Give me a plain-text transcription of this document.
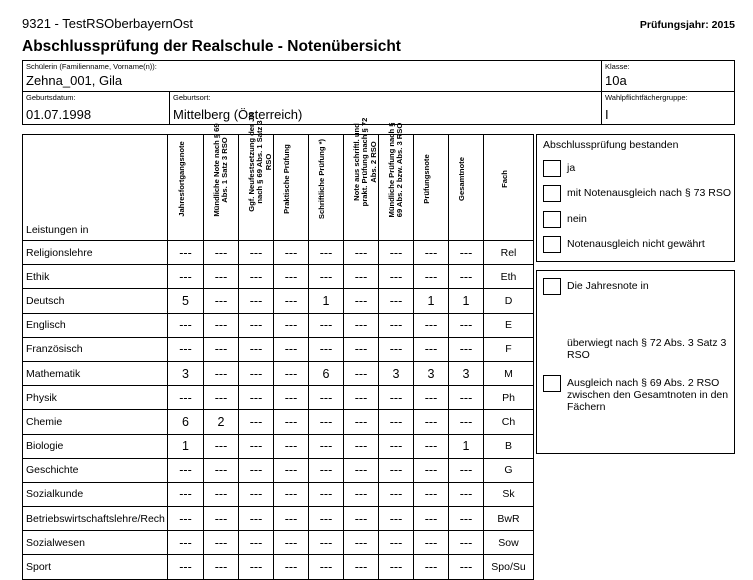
9321 - TestRSOberbayernOst	Prüfungsjahr: 2015
Abschlussprüfung der Realschule - Notenübersicht
Schülerin (Familienname, Vorname(n)):
Zehna_001, Gila
Klasse:
10a
Geburtsdatum:
01.07.1998
Geburtsort:
Mittelberg (Österreich)
Wahlpflichtfächergruppe:
I
Leistungen in	Jahresfortgangsnote	Mündliche Note nach § 69 Abs. 1 Satz 3 RSO	Ggf. Neufestsetzung der JN nach § 69 Abs. 1 Satz 3 RSO	Praktische Prüfung	Schriftliche Prüfung *)	Note aus schriftl. und prakt. Prüfung nach § 72 Abs. 2 RSO	Mündliche Prüfung nach § 69 Abs. 2 bzw. Abs. 3 RSO	Prüfungsnote	Gesamtnote	Fach

Religionslehre	---	---	---	---	---	---	---	---	---	Rel
Ethik	---	---	---	---	---	---	---	---	---	Eth
Deutsch	5	---	---	---	1	---	---	1	1	D
Englisch	---	---	---	---	---	---	---	---	---	E
Französisch	---	---	---	---	---	---	---	---	---	F
Mathematik	3	---	---	---	6	---	3	3	3	M
Physik	---	---	---	---	---	---	---	---	---	Ph
Chemie	6	2	---	---	---	---	---	---	---	Ch
Biologie	1	---	---	---	---	---	---	---	1	B
Geschichte	---	---	---	---	---	---	---	---	---	G
Sozialkunde	---	---	---	---	---	---	---	---	---	Sk
Betriebswirtschaftslehre/Rech	---	---	---	---	---	---	---	---	---	BwR
Sozialwesen	---	---	---	---	---	---	---	---	---	Sow
Sport	---	---	---	---	---	---	---	---	---	Spo/Su
Abschlussprüfung bestanden
ja
mit Notenausgleich nach § 73 RSO
nein
Notenausgleich nicht gewährt
Die Jahresnote in
überwiegt nach § 72 Abs. 3 Satz 3 RSO
Ausgleich nach § 69 Abs. 2 RSO zwischen den Gesamtnoten in den Fächern
